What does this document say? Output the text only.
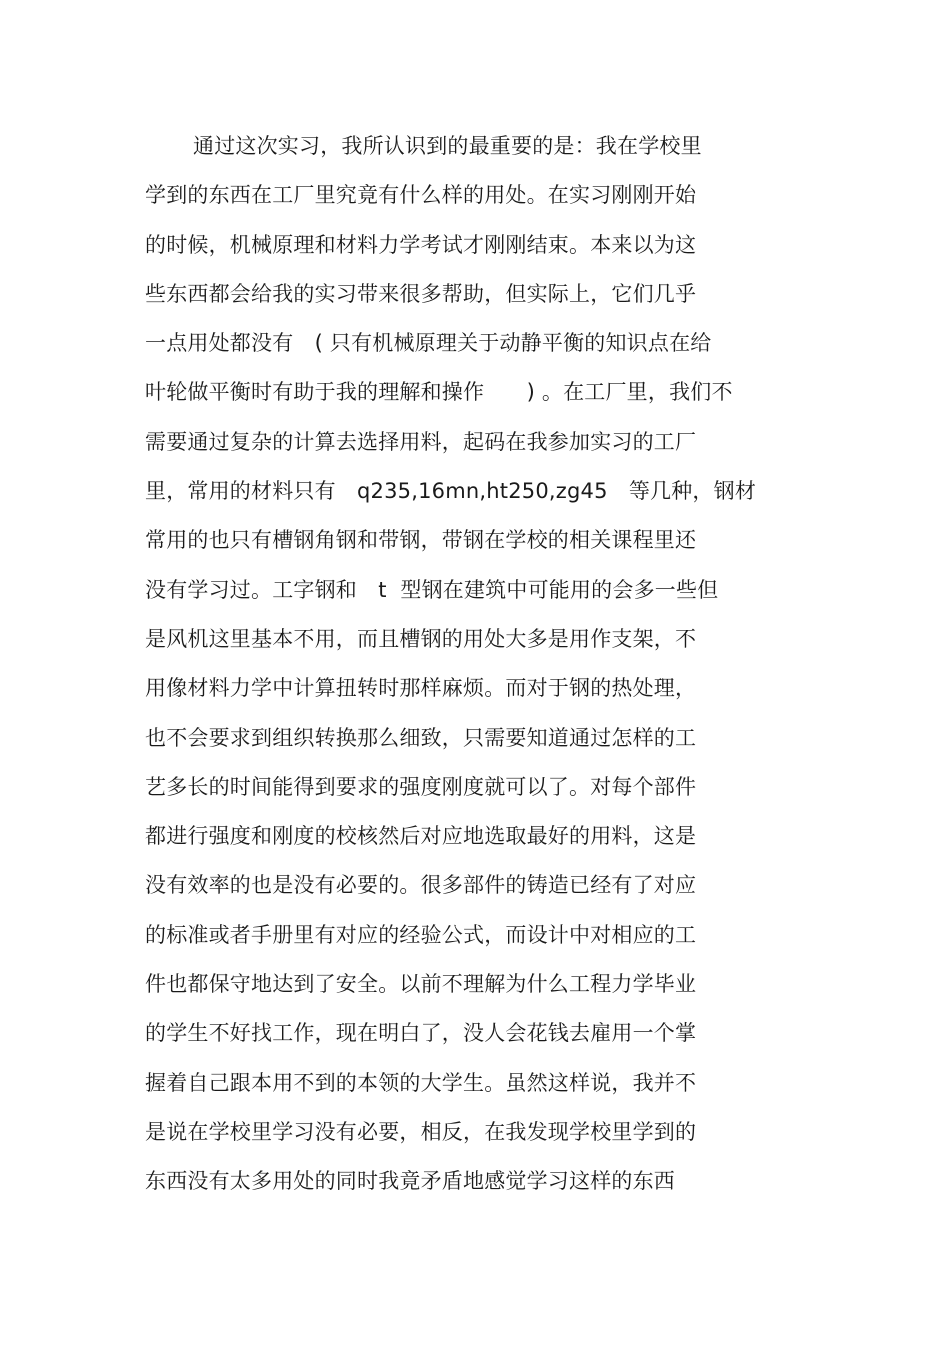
通过这次实习，我所认识到的最重要的是：我在学校里
学到的东西在工厂里究竟有什么样的用处。在实习刚刚开始
的时候，机械原理和材料力学考试才刚刚结束。本来以为这
些东西都会给我的实习带来很多帮助，但实际上，它们几乎
一点用处都没有　( 只有机械原理关于动静平衡的知识点在给
叶轮做平衡时有助于我的理解和操作　　) 。在工厂里，我们不
需要通过复杂的计算去选择用料，起码在我参加实习的工厂
里，常用的材料只有　q235,16mn,ht250,zg45　等几种，钢材
常用的也只有槽钢角钢和带钢，带钢在学校的相关课程里还
没有学习过。工字钢和　t  型钢在建筑中可能用的会多一些但
是风机这里基本不用，而且槽钢的用处大多是用作支架，不
用像材料力学中计算扭转时那样麻烦。而对于钢的热处理，
也不会要求到组织转换那么细致，只需要知道通过怎样的工
艺多长的时间能得到要求的强度刚度就可以了。对每个部件
都进行强度和刚度的校核然后对应地选取最好的用料，这是
没有效率的也是没有必要的。很多部件的铸造已经有了对应
的标准或者手册里有对应的经验公式，而设计中对相应的工
件也都保守地达到了安全。以前不理解为什么工程力学毕业
的学生不好找工作，现在明白了，没人会花钱去雇用一个掌
握着自己跟本用不到的本领的大学生。虽然这样说，我并不
是说在学校里学习没有必要，相反，在我发现学校里学到的
东西没有太多用处的同时我竟矛盾地感觉学习这样的东西
